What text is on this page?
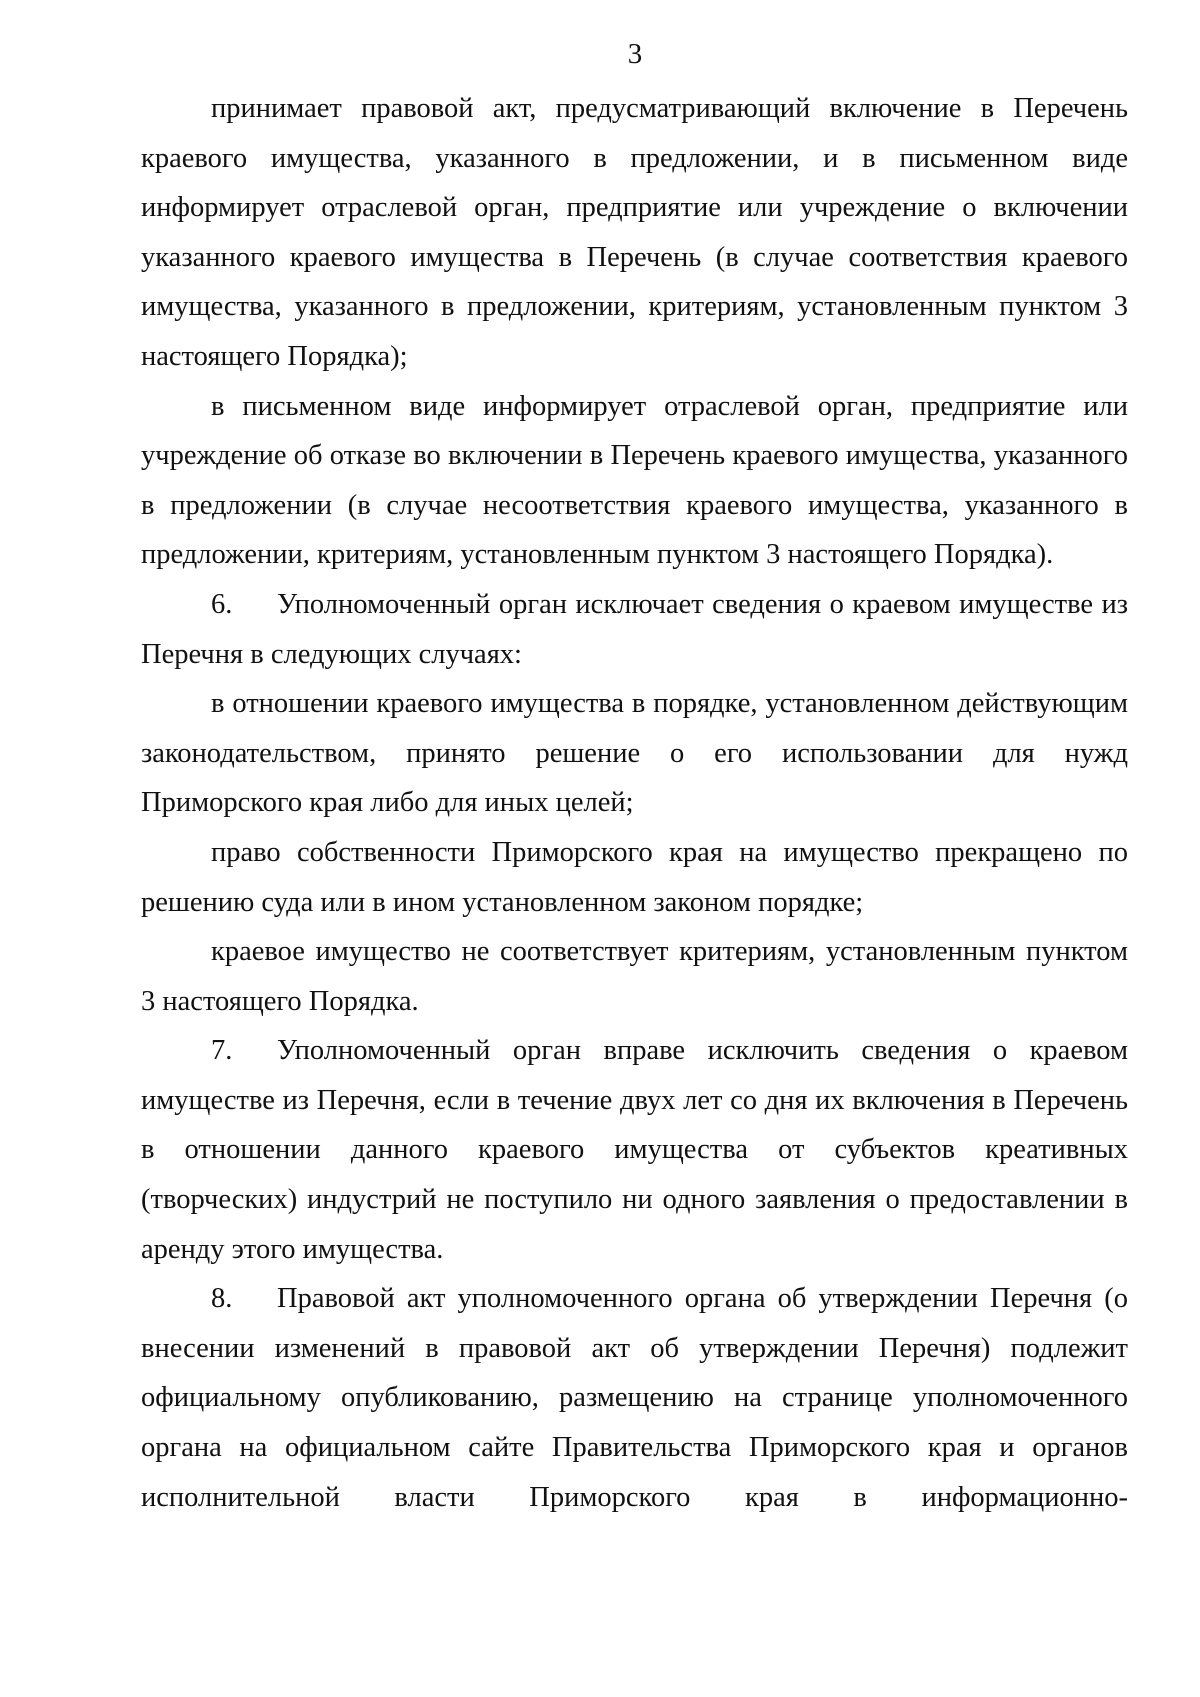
3

принимает правовой акт, предусматривающий включение в Перечень краевого имущества, указанного в предложении, и в письменном виде информирует отраслевой орган, предприятие или учреждение о включении указанного краевого имущества в Перечень (в случае соответствия краевого имущества, указанного в предложении, критериям, установленным пунктом 3 настоящего Порядка);

в письменном виде информирует отраслевой орган, предприятие или учреждение об отказе во включении в Перечень краевого имущества, указанного в предложении (в случае несоответствия краевого имущества, указанного в предложении, критериям, установленным пунктом 3 настоящего Порядка).

6. Уполномоченный орган исключает сведения о краевом имуществе из Перечня в следующих случаях:

в отношении краевого имущества в порядке, установленном действующим законодательством, принято решение о его использовании для нужд Приморского края либо для иных целей;

право собственности Приморского края на имущество прекращено по решению суда или в ином установленном законом порядке;

краевое имущество не соответствует критериям, установленным пунктом 3 настоящего Порядка.

7. Уполномоченный орган вправе исключить сведения о краевом имуществе из Перечня, если в течение двух лет со дня их включения в Перечень в отношении данного краевого имущества от субъектов креативных (творческих) индустрий не поступило ни одного заявления о предоставлении в аренду этого имущества.

8. Правовой акт уполномоченного органа об утверждении Перечня (о внесении изменений в правовой акт об утверждении Перечня) подлежит официальному опубликованию, размещению на странице уполномоченного органа на официальном сайте Правительства Приморского края и органов исполнительной власти Приморского края в информационно-
